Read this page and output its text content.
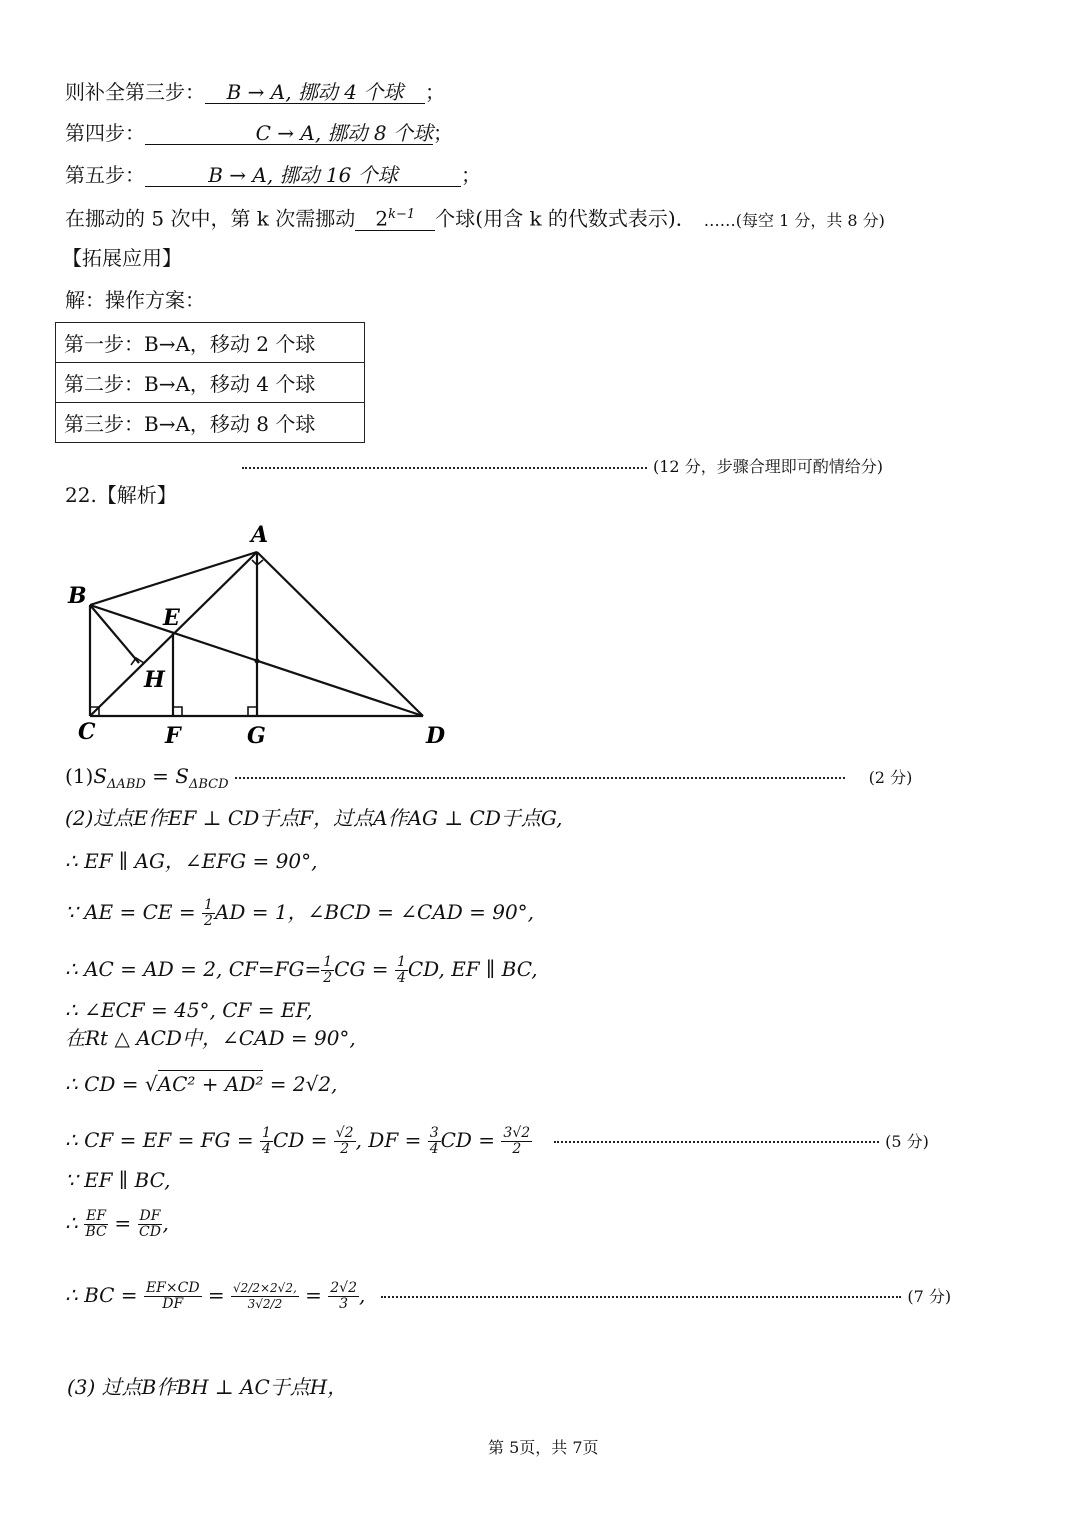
则补全第三步： B → A, 挪动 4 个球 ；
第四步：	C → A, 挪动 8 个球；
第五步：	B → A, 挪动 16 个球	；
在挪动的 5 次中，第 k 次需挪动 $2^{k-1}$ 个球(用含 k 的代数式表示)． ……(每空 1 分，共 8 分)
【拓展应用】
解：操作方案：
第一步：B→A，移动 2 个球
第二步：B→A，移动 4 个球
第三步：B→A，移动 8 个球
(12 分，步骤合理即可酌情给分)
22.【解析】
A
B
C	D
E
F	G
H
$(1)S_{\Delta ABD} = S_{\Delta BCD}$	(2 分)
(2)过点E作EF ⊥ CD于点F，过点A作AG ⊥ CD于点G,
∴ EF ∥ AG，∠EFG = 90°,
∵ AE = CE = $\frac{1}{2}$ AD = 1，∠BCD = ∠CAD = 90°,
∴ AC = AD = 2, $CF=FG= \frac{1}{2}$ CG = $\frac{1}{4}$ CD, EF ∥ BC,
∴ ∠ECF = 45°, CF = EF,
在Rt △ ACD中，∠CAD = 90°,
∴ CD = √AC² + AD² = 2√2,
∴ CF = EF = FG = $\frac{1}{4}$ CD = $\frac{√2}{2}$ , DF = $\frac{3}{4}$ CD = $\frac{3√2}{2}$	(5 分)
∵ EF ∥ BC,
∴ $\frac{EF}{BC} = \frac{DF}{CD}$ ,
∴ BC = $\frac{EF\times CD}{DF} = \frac{√2/2\times 2√2,}{3√2/2} = \frac{2√2}{3}$ ,	(7 分)
(3) 过点B作BH ⊥ AC于点H，
第 5页，共 7页
